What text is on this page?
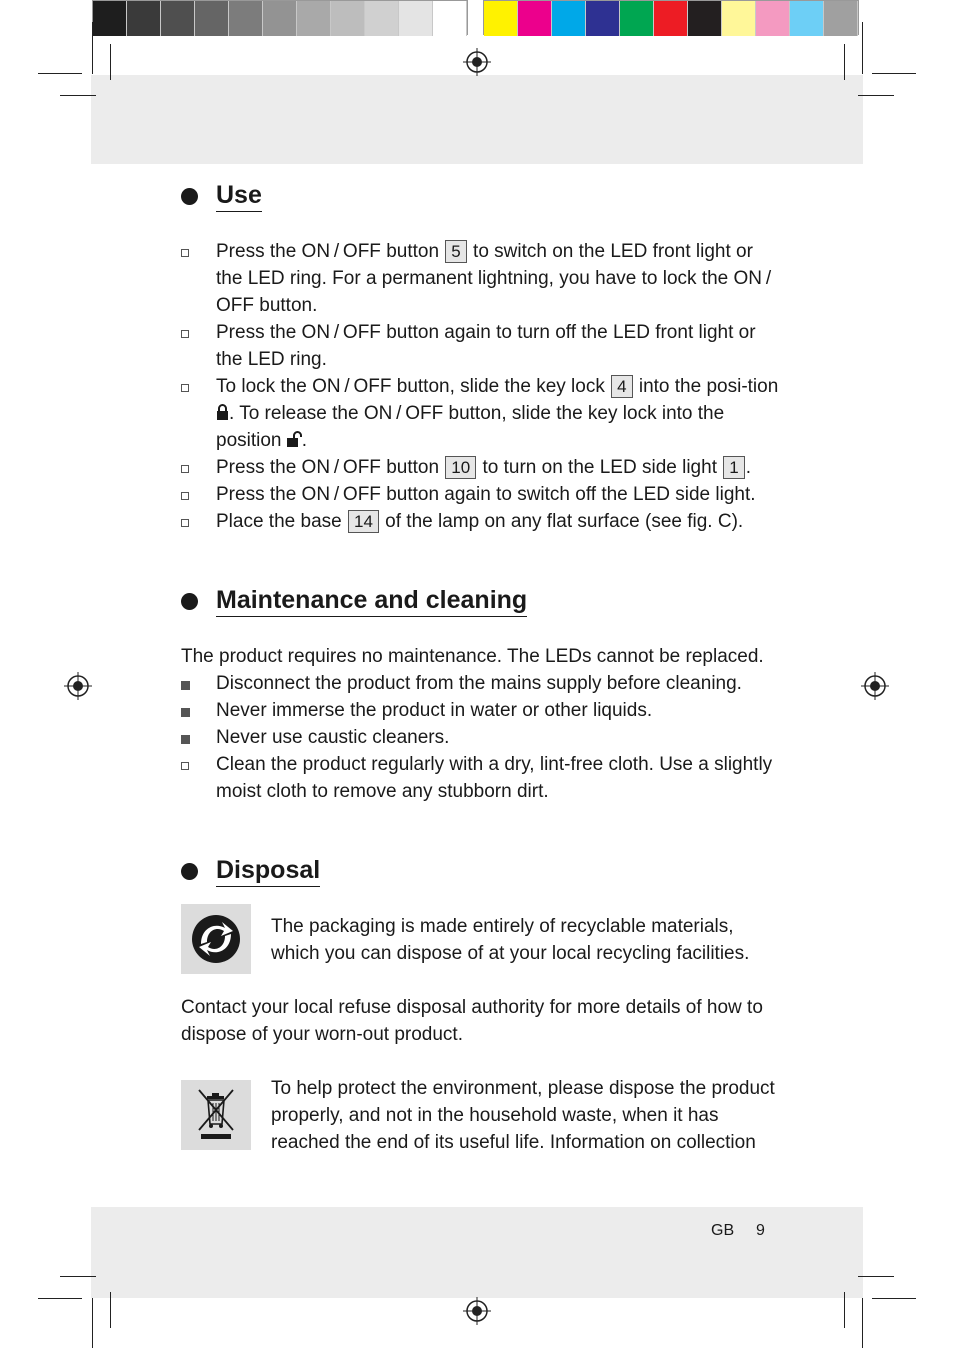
Use
Press the ON / OFF button 5 to switch on the LED front light or the LED ring. For a permanent lightning, you have to lock the ON / OFF button.
Press the ON / OFF button again to turn off the LED front light or the LED ring.
To lock the ON / OFF button, slide the key lock 4 into the posi-tion . To release the ON / OFF button, slide the key lock into the position .
Press the ON / OFF button 10 to turn on the LED side light 1 .
Press the ON / OFF button again to switch off the LED side light.
Place the base 14 of the lamp on any flat surface (see fig. C).
Maintenance and cleaning

The product requires no maintenance. The LEDs cannot be replaced.

Disconnect the product from the mains supply before cleaning.
Never immerse the product in water or other liquids.
Never use caustic cleaners.
Clean the product regularly with a dry, lint-free cloth. Use a slightly moist cloth to remove any stubborn dirt.
Disposal

The packaging is made entirely of recyclable materials, which you can dispose of at your local recycling facilities.

Contact your local refuse disposal authority for more details of how to dispose of your worn-out product.

To help protect the environment, please dispose the product properly, and not in the household waste, when it has reached the end of its useful life. Information on collection

GB 9
